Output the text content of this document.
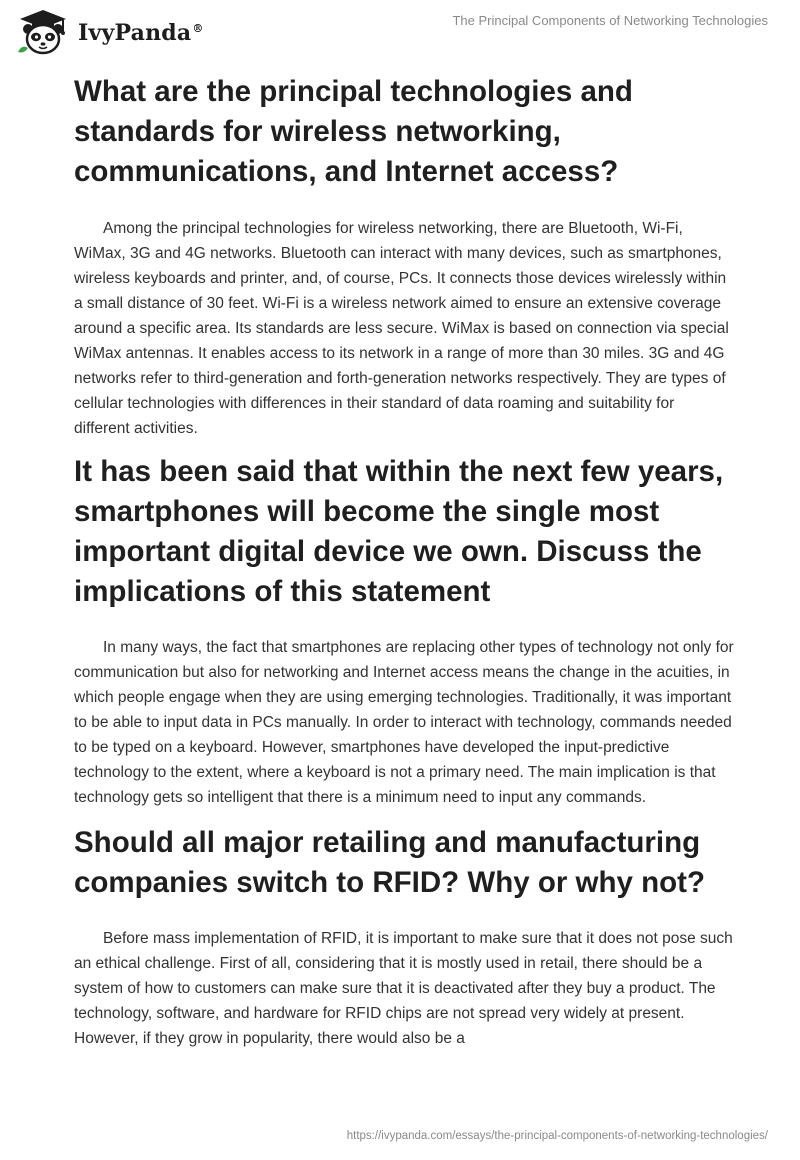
IvyPanda®
The Principal Components of Networking Technologies
What are the principal technologies and standards for wireless networking, communications, and Internet access?

Among the principal technologies for wireless networking, there are Bluetooth, Wi-Fi, WiMax, 3G and 4G networks. Bluetooth can interact with many devices, such as smartphones, wireless keyboards and printer, and, of course, PCs. It connects those devices wirelessly within a small distance of 30 feet. Wi-Fi is a wireless network aimed to ensure an extensive coverage around a specific area. Its standards are less secure. WiMax is based on connection via special WiMax antennas. It enables access to its network in a range of more than 30 miles. 3G and 4G networks refer to third-generation and forth-generation networks respectively. They are types of cellular technologies with differences in their standard of data roaming and suitability for different activities.

It has been said that within the next few years, smartphones will become the single most important digital device we own. Discuss the implications of this statement

In many ways, the fact that smartphones are replacing other types of technology not only for communication but also for networking and Internet access means the change in the acuities, in which people engage when they are using emerging technologies. Traditionally, it was important to be able to input data in PCs manually. In order to interact with technology, commands needed to be typed on a keyboard. However, smartphones have developed the input-predictive technology to the extent, where a keyboard is not a primary need. The main implication is that technology gets so intelligent that there is a minimum need to input any commands.

Should all major retailing and manufacturing companies switch to RFID? Why or why not?

Before mass implementation of RFID, it is important to make sure that it does not pose such an ethical challenge. First of all, considering that it is mostly used in retail, there should be a system of how to customers can make sure that it is deactivated after they buy a product. The technology, software, and hardware for RFID chips are not spread very widely at present. However, if they grow in popularity, there would also be a

https://ivypanda.com/essays/the-principal-components-of-networking-technologies/
